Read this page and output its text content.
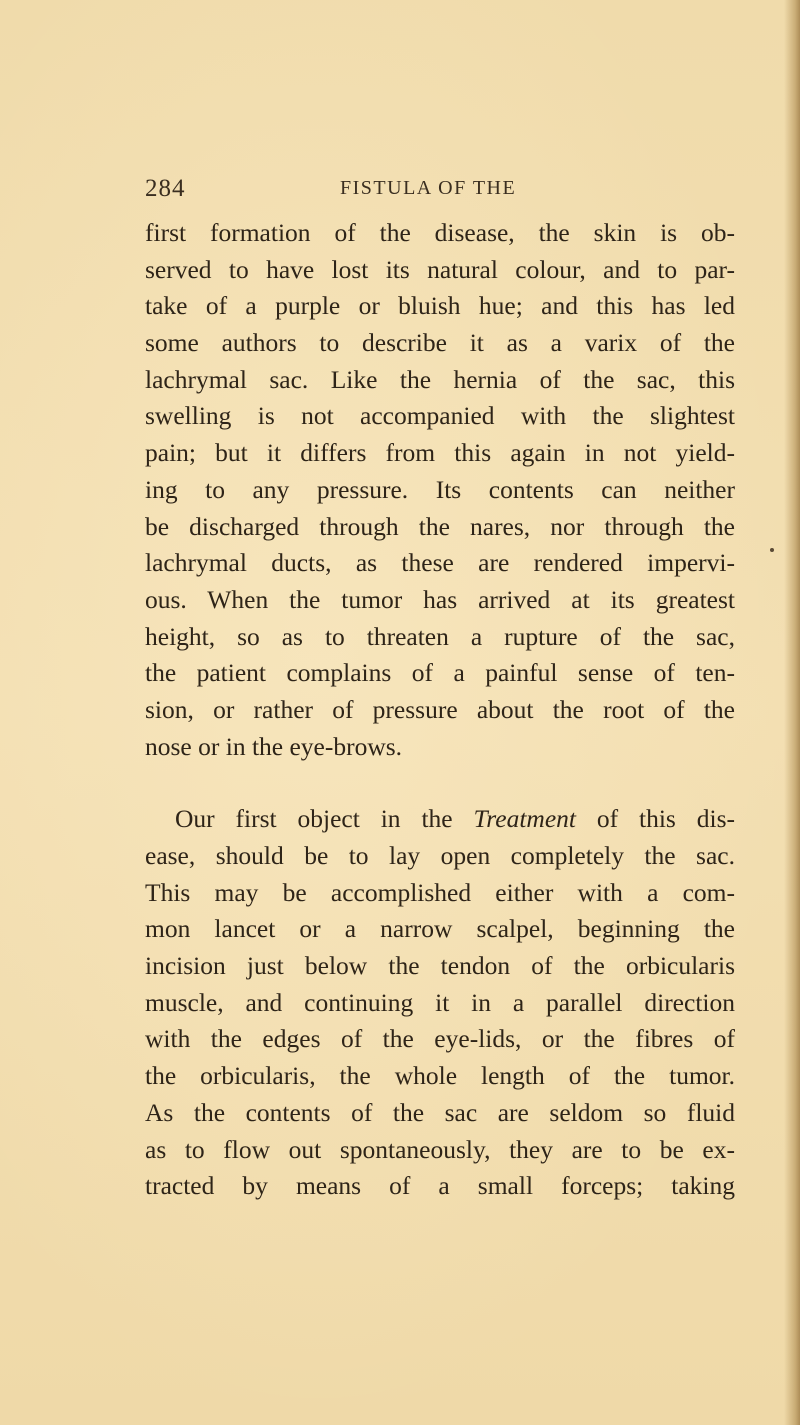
284	FISTULA OF THE
first formation of the disease, the skin is ob-
served to have lost its natural colour, and to par-
take of a purple or bluish hue; and this has led
some authors to describe it as a varix of the
lachrymal sac. Like the hernia of the sac, this
swelling is not accompanied with the slightest
pain; but it differs from this again in not yield-
ing to any pressure. Its contents can neither
be discharged through the nares, nor through the
lachrymal ducts, as these are rendered impervi-
ous. When the tumor has arrived at its greatest
height, so as to threaten a rupture of the sac,
the patient complains of a painful sense of ten-
sion, or rather of pressure about the root of the
nose or in the eye-brows.
Our first object in the Treatment of this dis-
ease, should be to lay open completely the sac.
This may be accomplished either with a com-
mon lancet or a narrow scalpel, beginning the
incision just below the tendon of the orbicularis
muscle, and continuing it in a parallel direction
with the edges of the eye-lids, or the fibres of
the orbicularis, the whole length of the tumor.
As the contents of the sac are seldom so fluid
as to flow out spontaneously, they are to be ex-
tracted by means of a small forceps; taking
